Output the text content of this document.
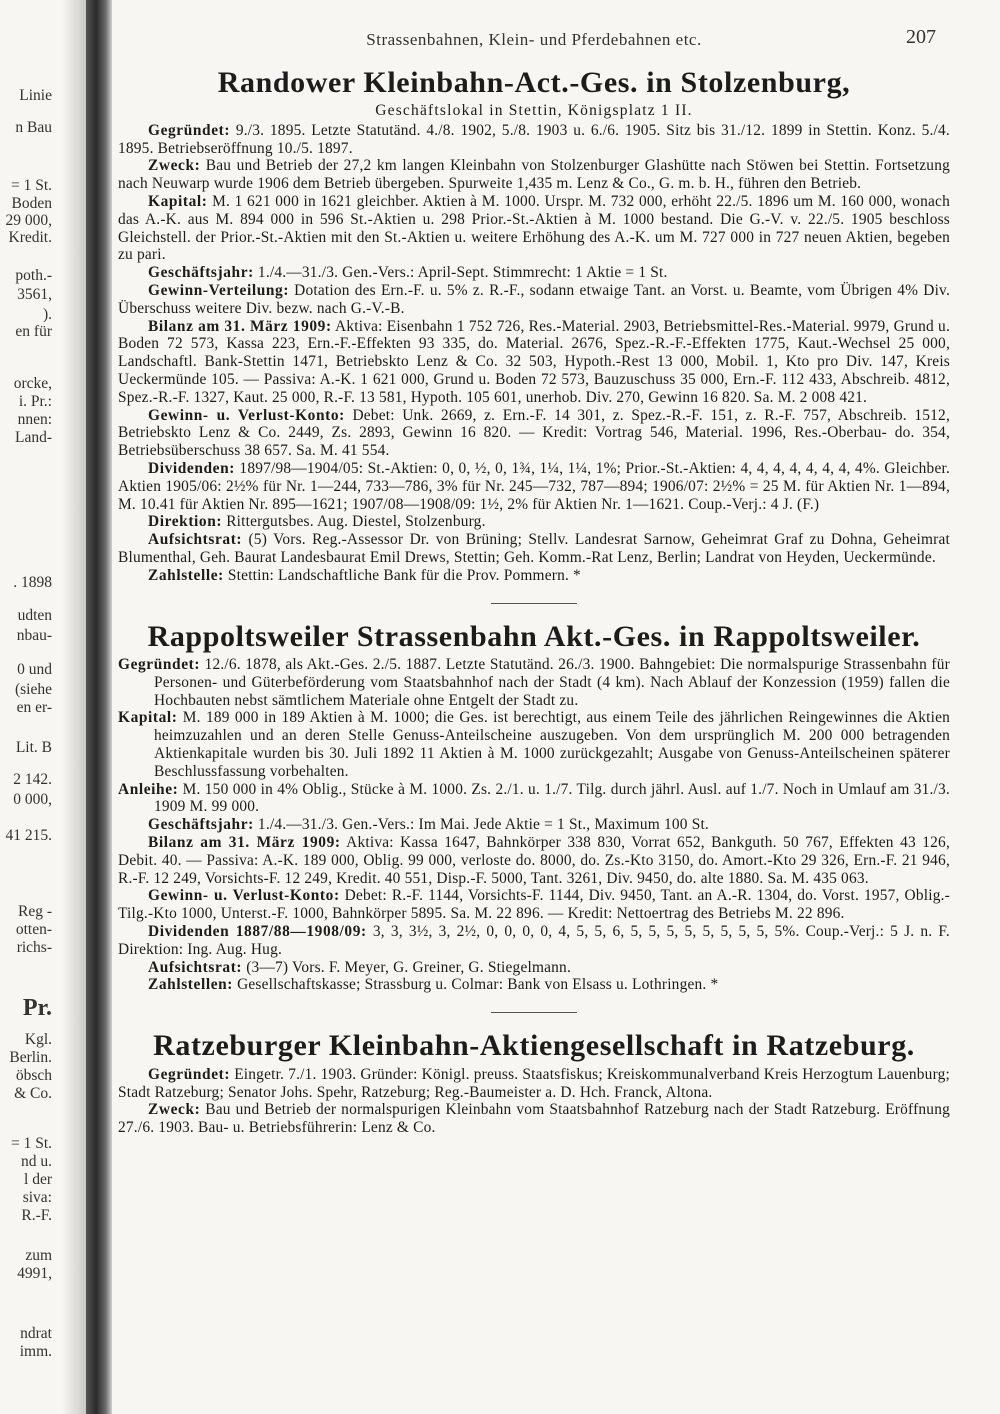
Linie
n Bau
= 1 St.
Boden
29 000,
Kredit.
poth.-
3561,
).
en für
orcke,
i. Pr.:
nnen:
Land-
. 1898
udten
nbau-
0 und
(siehe
en er-
Lit. B
2 142.
0 000,
41 215.
Reg -
otten-
richs-
Pr.
Kgl.
Berlin.
öbsch
& Co.
= 1 St.
nd u.
l der
siva:
R.-F.
zum
4991,
ndrat
imm.
Strassenbahnen, Klein- und Pferdebahnen etc.	207
Randower Kleinbahn-Act.-Ges. in Stolzenburg,
Geschäftslokal in Stettin, Königsplatz 1 II.

Gegründet: 9./3. 1895. Letzte Statutänd. 4./8. 1902, 5./8. 1903 u. 6./6. 1905. Sitz bis 31./12. 1899 in Stettin. Konz. 5./4. 1895. Betriebseröffnung 10./5. 1897.

Zweck: Bau und Betrieb der 27,2 km langen Kleinbahn von Stolzenburger Glashütte nach Stöwen bei Stettin. Fortsetzung nach Neuwarp wurde 1906 dem Betrieb übergeben. Spurweite 1,435 m. Lenz & Co., G. m. b. H., führen den Betrieb.

Kapital: M. 1 621 000 in 1621 gleichber. Aktien à M. 1000. Urspr. M. 732 000, erhöht 22./5. 1896 um M. 160 000, wonach das A.-K. aus M. 894 000 in 596 St.-Aktien u. 298 Prior.-St.-Aktien à M. 1000 bestand. Die G.-V. v. 22./5. 1905 beschloss Gleichstell. der Prior.-St.-Aktien mit den St.-Aktien u. weitere Erhöhung des A.-K. um M. 727 000 in 727 neuen Aktien, begeben zu pari.

Geschäftsjahr: 1./4.—31./3. Gen.-Vers.: April-Sept. Stimmrecht: 1 Aktie = 1 St.

Gewinn-Verteilung: Dotation des Ern.-F. u. 5% z. R.-F., sodann etwaige Tant. an Vorst. u. Beamte, vom Übrigen 4% Div. Überschuss weitere Div. bezw. nach G.-V.-B.

Bilanz am 31. März 1909: Aktiva: Eisenbahn 1 752 726, Res.-Material. 2903, Betriebsmittel-Res.-Material. 9979, Grund u. Boden 72 573, Kassa 223, Ern.-F.-Effekten 93 335, do. Material. 2676, Spez.-R.-F.-Effekten 1775, Kaut.-Wechsel 25 000, Landschaftl. Bank-Stettin 1471, Betriebskto Lenz & Co. 32 503, Hypoth.-Rest 13 000, Mobil. 1, Kto pro Div. 147, Kreis Ueckermünde 105. — Passiva: A.-K. 1 621 000, Grund u. Boden 72 573, Bauzuschuss 35 000, Ern.-F. 112 433, Abschreib. 4812, Spez.-R.-F. 1327, Kaut. 25 000, R.-F. 13 581, Hypoth. 105 601, unerhob. Div. 270, Gewinn 16 820. Sa. M. 2 008 421.

Gewinn- u. Verlust-Konto: Debet: Unk. 2669, z. Ern.-F. 14 301, z. Spez.-R.-F. 151, z. R.-F. 757, Abschreib. 1512, Betriebskto Lenz & Co. 2449, Zs. 2893, Gewinn 16 820. — Kredit: Vortrag 546, Material. 1996, Res.-Oberbau- do. 354, Betriebsüberschuss 38 657. Sa. M. 41 554.

Dividenden: 1897/98—1904/05: St.-Aktien: 0, 0, ½, 0, 1¾, 1¼, 1¼, 1%; Prior.-St.-Aktien: 4, 4, 4, 4, 4, 4, 4, 4%. Gleichber. Aktien 1905/06: 2½% für Nr. 1—244, 733—786, 3% für Nr. 245—732, 787—894; 1906/07: 2½% = 25 M. für Aktien Nr. 1—894, M. 10.41 für Aktien Nr. 895—1621; 1907/08—1908/09: 1½, 2% für Aktien Nr. 1—1621. Coup.-Verj.: 4 J. (F.)

Direktion: Rittergutsbes. Aug. Diestel, Stolzenburg.

Aufsichtsrat: (5) Vors. Reg.-Assessor Dr. von Brüning; Stellv. Landesrat Sarnow, Geheimrat Graf zu Dohna, Geheimrat Blumenthal, Geh. Baurat Landesbaurat Emil Drews, Stettin; Geh. Komm.-Rat Lenz, Berlin; Landrat von Heyden, Ueckermünde.

Zahlstelle: Stettin: Landschaftliche Bank für die Prov. Pommern. *

Rappoltsweiler Strassenbahn Akt.-Ges. in Rappoltsweiler.

Gegründet: 12./6. 1878, als Akt.-Ges. 2./5. 1887. Letzte Statutänd. 26./3. 1900. Bahngebiet: Die normalspurige Strassenbahn für Personen- und Güterbeförderung vom Staatsbahnhof nach der Stadt (4 km). Nach Ablauf der Konzession (1959) fallen die Hochbauten nebst sämtlichem Materiale ohne Entgelt der Stadt zu.

Kapital: M. 189 000 in 189 Aktien à M. 1000; die Ges. ist berechtigt, aus einem Teile des jährlichen Reingewinnes die Aktien heimzuzahlen und an deren Stelle Genuss-Anteilscheine auszugeben. Von dem ursprünglich M. 200 000 betragenden Aktienkapitale wurden bis 30. Juli 1892 11 Aktien à M. 1000 zurückgezahlt; Ausgabe von Genuss-Anteilscheinen späterer Beschlussfassung vorbehalten.

Anleihe: M. 150 000 in 4% Oblig., Stücke à M. 1000. Zs. 2./1. u. 1./7. Tilg. durch jährl. Ausl. auf 1./7. Noch in Umlauf am 31./3. 1909 M. 99 000.

Geschäftsjahr: 1./4.—31./3. Gen.-Vers.: Im Mai. Jede Aktie = 1 St., Maximum 100 St.

Bilanz am 31. März 1909: Aktiva: Kassa 1647, Bahnkörper 338 830, Vorrat 652, Bankguth. 50 767, Effekten 43 126, Debit. 40. — Passiva: A.-K. 189 000, Oblig. 99 000, verloste do. 8000, do. Zs.-Kto 3150, do. Amort.-Kto 29 326, Ern.-F. 21 946, R.-F. 12 249, Vorsichts-F. 12 249, Kredit. 40 551, Disp.-F. 5000, Tant. 3261, Div. 9450, do. alte 1880. Sa. M. 435 063.

Gewinn- u. Verlust-Konto: Debet: R.-F. 1144, Vorsichts-F. 1144, Div. 9450, Tant. an A.-R. 1304, do. Vorst. 1957, Oblig.-Tilg.-Kto 1000, Unterst.-F. 1000, Bahnkörper 5895. Sa. M. 22 896. — Kredit: Nettoertrag des Betriebs M. 22 896.

Dividenden 1887/88—1908/09: 3, 3, 3½, 3, 2½, 0, 0, 0, 0, 4, 5, 5, 6, 5, 5, 5, 5, 5, 5, 5, 5, 5%. Coup.-Verj.: 5 J. n. F. Direktion: Ing. Aug. Hug.

Aufsichtsrat: (3—7) Vors. F. Meyer, G. Greiner, G. Stiegelmann.

Zahlstellen: Gesellschaftskasse; Strassburg u. Colmar: Bank von Elsass u. Lothringen. *

Ratzeburger Kleinbahn-Aktiengesellschaft in Ratzeburg.

Gegründet: Eingetr. 7./1. 1903. Gründer: Königl. preuss. Staatsfiskus; Kreiskommunalverband Kreis Herzogtum Lauenburg; Stadt Ratzeburg; Senator Johs. Spehr, Ratzeburg; Reg.-Baumeister a. D. Hch. Franck, Altona.

Zweck: Bau und Betrieb der normalspurigen Kleinbahn vom Staatsbahnhof Ratzeburg nach der Stadt Ratzeburg. Eröffnung 27./6. 1903. Bau- u. Betriebsführerin: Lenz & Co.
